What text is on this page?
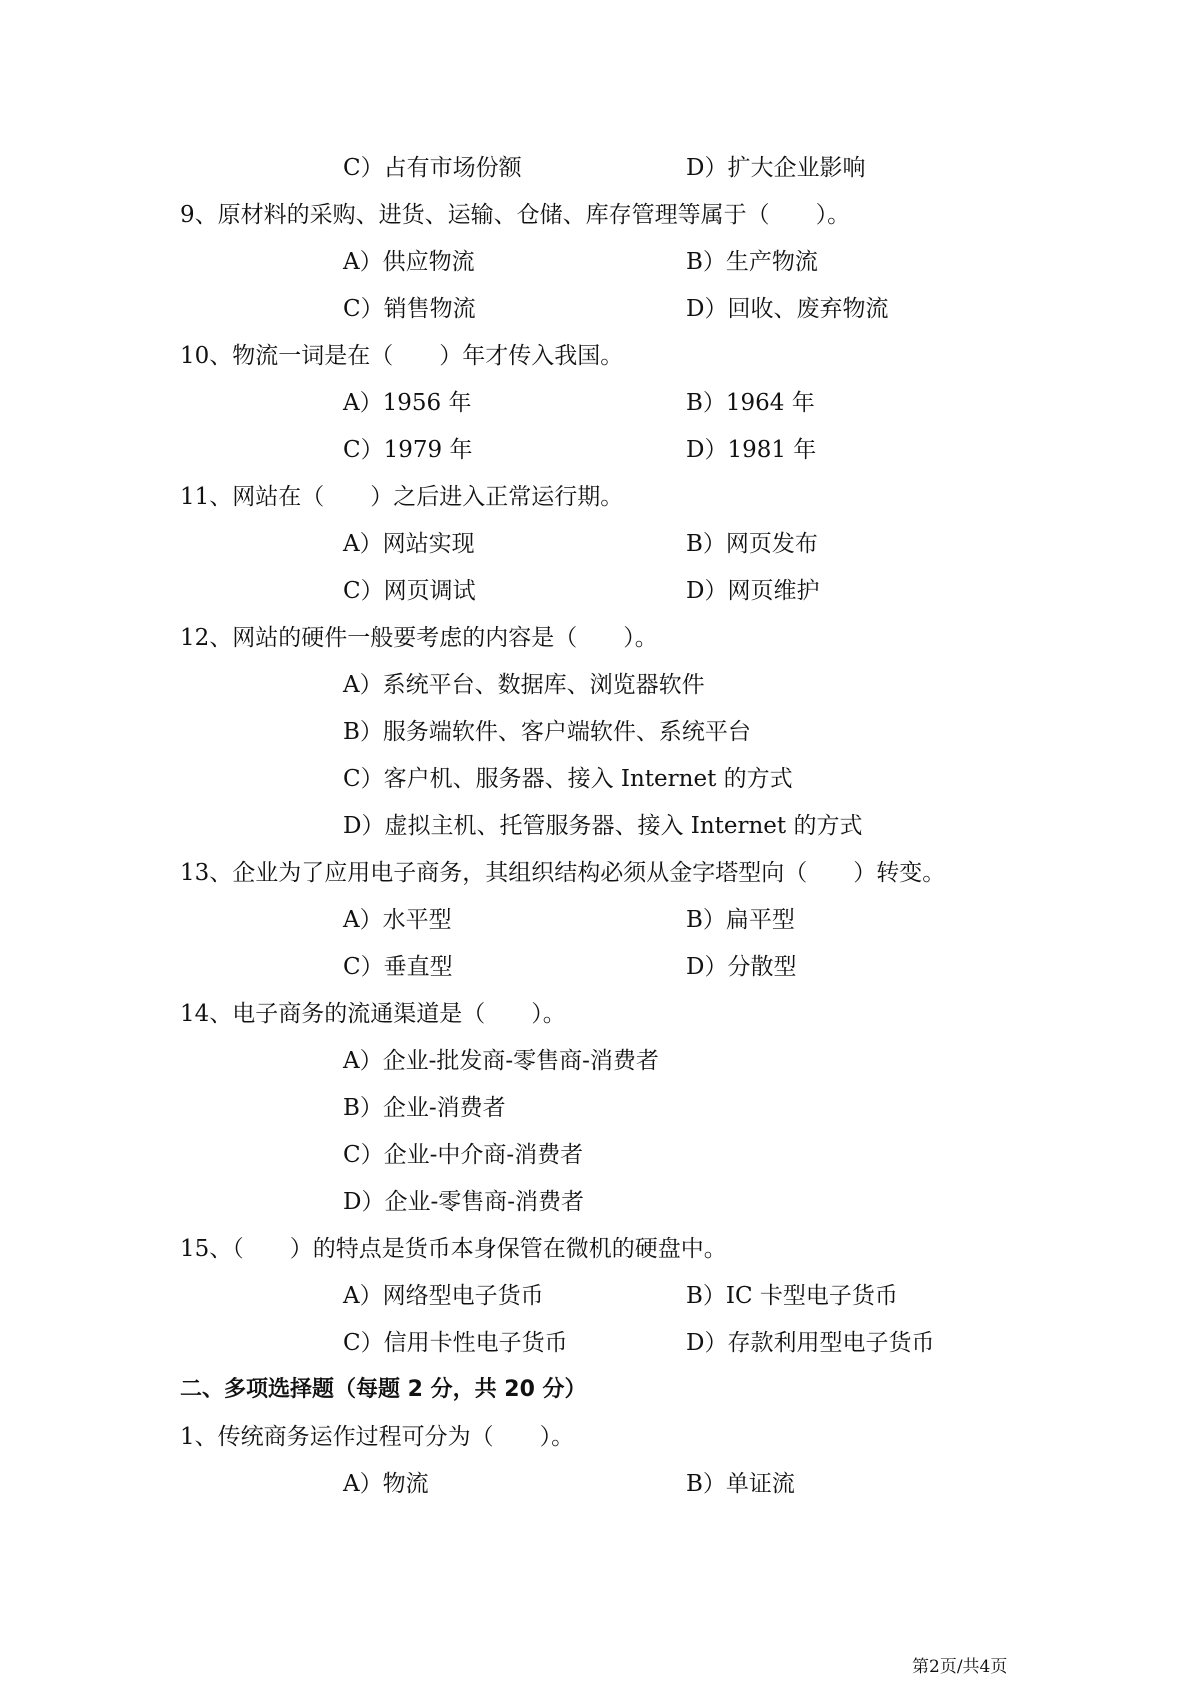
C）占有市场份额	D）扩大企业影响
9、原材料的采购、进货、运输、仓储、库存管理等属于（　　）。
A）供应物流	B）生产物流
C）销售物流	D）回收、废弃物流
10、物流一词是在（　　）年才传入我国。
A）1956 年	B）1964 年
C）1979 年	D）1981 年
11、网站在（　　）之后进入正常运行期。
A）网站实现	B）网页发布
C）网页调试	D）网页维护
12、网站的硬件一般要考虑的内容是（　　）。
A）系统平台、数据库、浏览器软件
B）服务端软件、客户端软件、系统平台
C）客户机、服务器、接入 Internet 的方式
D）虚拟主机、托管服务器、接入 Internet 的方式
13、企业为了应用电子商务，其组织结构必须从金字塔型向（　　）转变。
A）水平型	B）扁平型
C）垂直型	D）分散型
14、电子商务的流通渠道是（　　）。
A）企业-批发商-零售商-消费者
B）企业-消费者
C）企业-中介商-消费者
D）企业-零售商-消费者
15、（　　）的特点是货币本身保管在微机的硬盘中。
A）网络型电子货币	B）IC 卡型电子货币
C）信用卡性电子货币	D）存款利用型电子货币
二、多项选择题（每题 2 分，共 20 分）
1、传统商务运作过程可分为（　　）。
A）物流	B）单证流
第2页/共4页
